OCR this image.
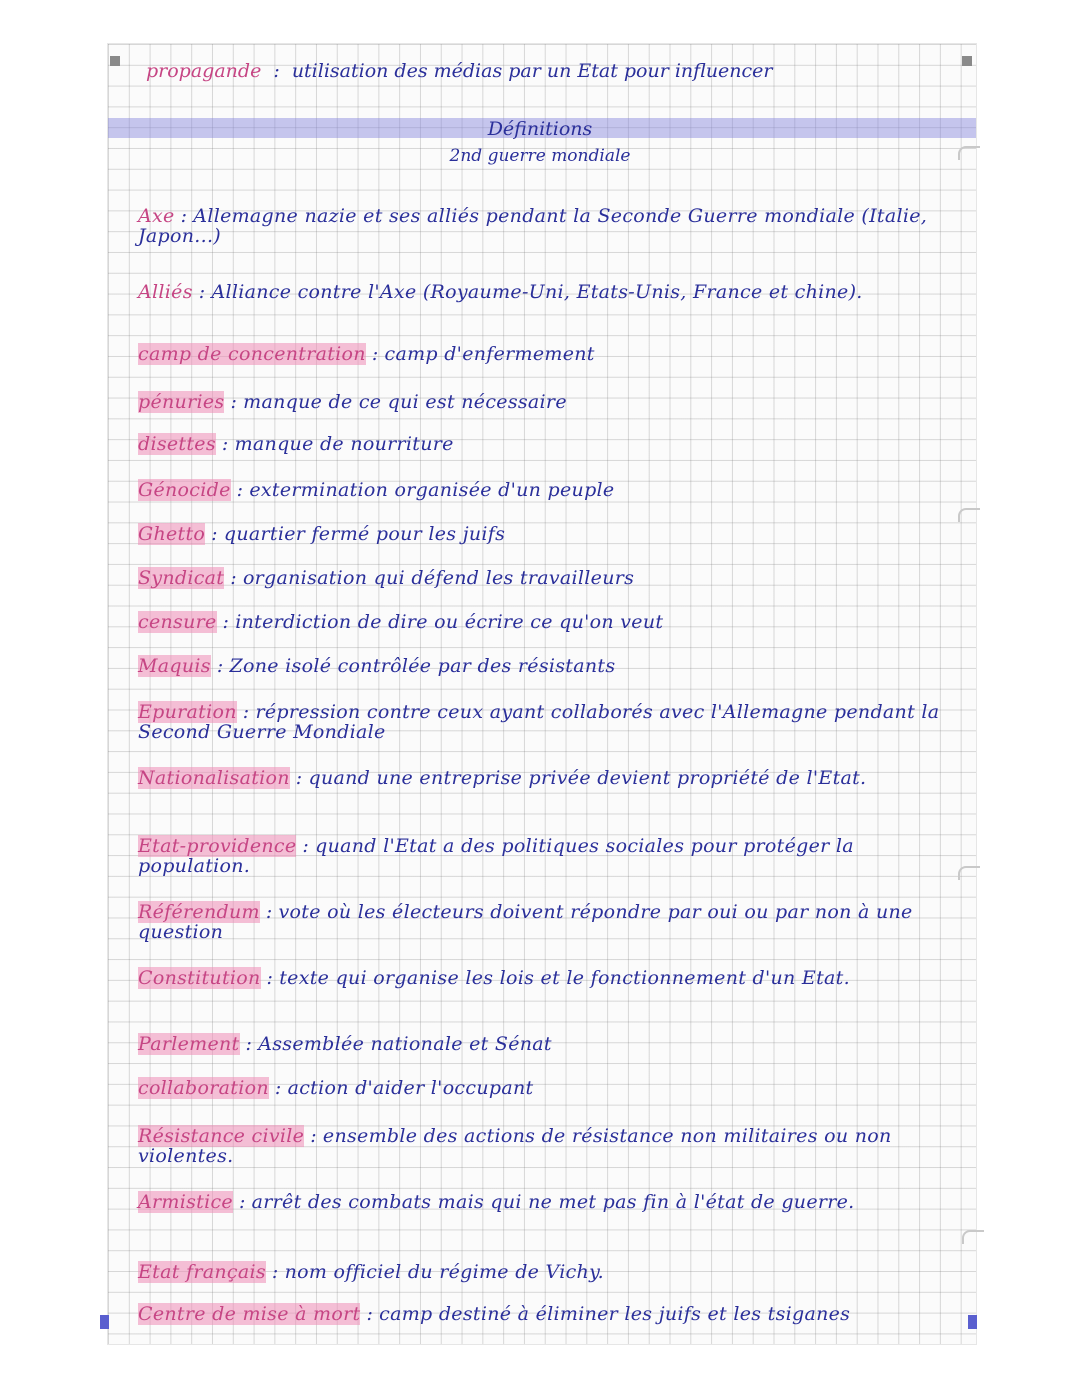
propagande : utilisation des médias par un Etat pour influencer
Définitions
2nd guerre mondiale
Axe : Allemagne nazie et ses alliés pendant la Seconde Guerre mondiale (Italie, Japon...)
Alliés : Alliance contre l'Axe (Royaume-Uni, Etats-Unis, France et chine).
camp de concentration : camp d'enfermement
pénuries : manque de ce qui est nécessaire
disettes : manque de nourriture
Génocide : extermination organisée d'un peuple
Ghetto : quartier fermé pour les juifs
Syndicat : organisation qui défend les travailleurs
censure : interdiction de dire ou écrire ce qu'on veut
Maquis : Zone isolé contrôlée par des résistants
Epuration : répression contre ceux ayant collaborés avec l'Allemagne pendant la Second Guerre Mondiale
Nationalisation : quand une entreprise privée devient propriété de l'Etat.
Etat-providence : quand l'Etat a des politiques sociales pour protéger la population.
Référendum : vote où les électeurs doivent répondre par oui ou par non à une question
Constitution : texte qui organise les lois et le fonctionnement d'un Etat.
Parlement : Assemblée nationale et Sénat
collaboration : action d'aider l'occupant
Résistance civile : ensemble des actions de résistance non militaires ou non violentes.
Armistice : arrêt des combats mais qui ne met pas fin à l'état de guerre.
Etat français : nom officiel du régime de Vichy.
Centre de mise à mort : camp destiné à éliminer les juifs et les tsiganes
